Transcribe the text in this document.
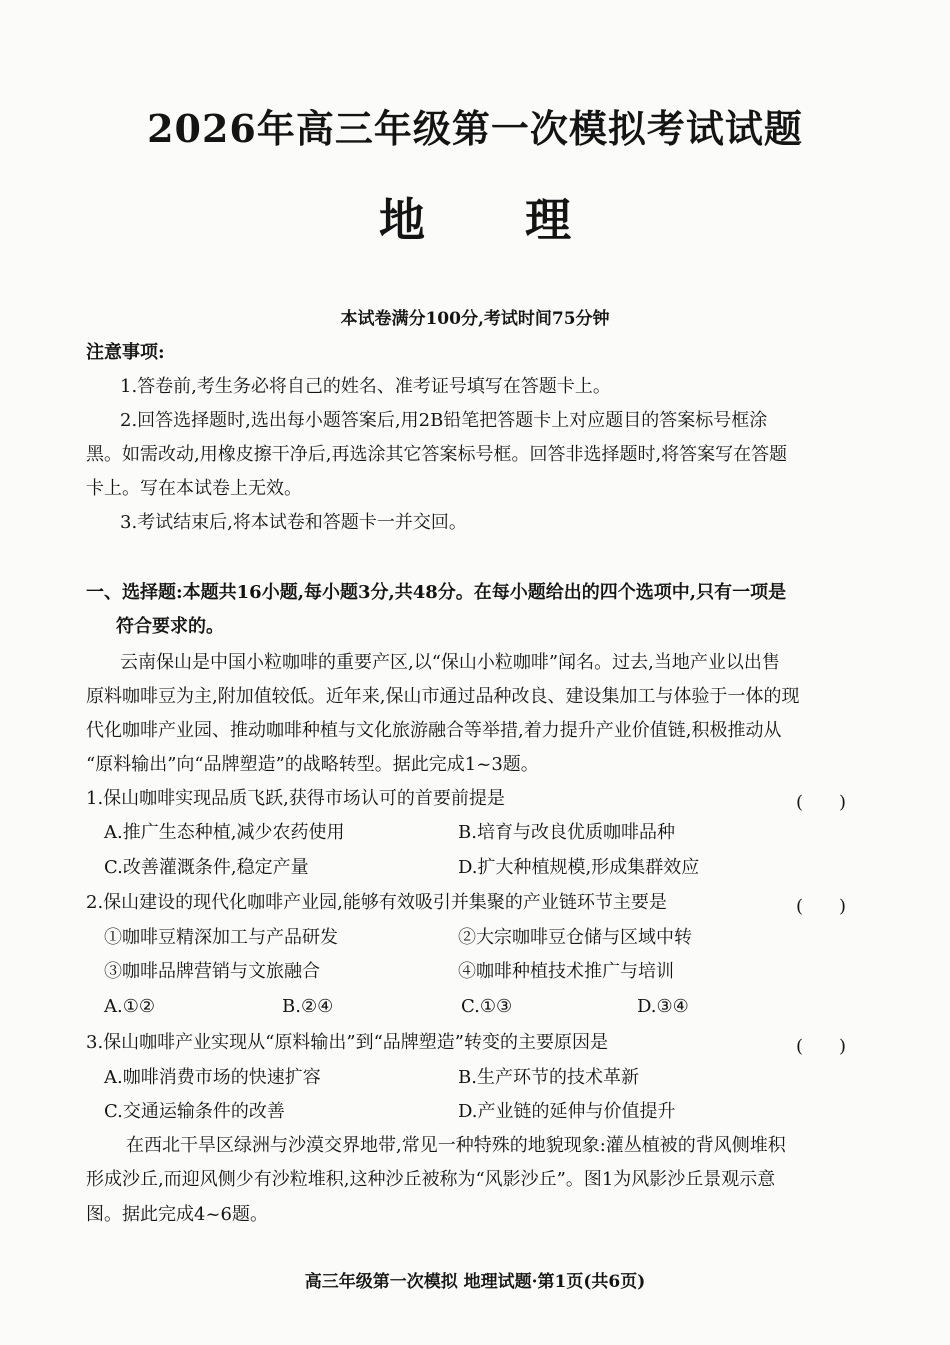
2026年高三年级第一次模拟考试试题
地 理
本试卷满分100分,考试时间75分钟
注意事项:
1.答卷前,考生务必将自己的姓名、准考证号填写在答题卡上。
2.回答选择题时,选出每小题答案后,用2B铅笔把答题卡上对应题目的答案标号框涂
黑。如需改动,用橡皮擦干净后,再选涂其它答案标号框。回答非选择题时,将答案写在答题
卡上。写在本试卷上无效。
3.考试结束后,将本试卷和答题卡一并交回。
一、选择题:本题共16小题,每小题3分,共48分。在每小题给出的四个选项中,只有一项是
符合要求的。
云南保山是中国小粒咖啡的重要产区,以“保山小粒咖啡”闻名。过去,当地产业以出售
原料咖啡豆为主,附加值较低。近年来,保山市通过品种改良、建设集加工与体验于一体的现
代化咖啡产业园、推动咖啡种植与文化旅游融合等举措,着力提升产业价值链,积极推动从
“原料输出”向“品牌塑造”的战略转型。据此完成1~3题。
1.保山咖啡实现品质飞跃,获得市场认可的首要前提是	(　　)
A.推广生态种植,减少农药使用	B.培育与改良优质咖啡品种
C.改善灌溉条件,稳定产量	D.扩大种植规模,形成集群效应
2.保山建设的现代化咖啡产业园,能够有效吸引并集聚的产业链环节主要是	(　　)
①咖啡豆精深加工与产品研发	②大宗咖啡豆仓储与区域中转
③咖啡品牌营销与文旅融合	④咖啡种植技术推广与培训
A.①②	B.②④	C.①③	D.③④
3.保山咖啡产业实现从“原料输出”到“品牌塑造”转变的主要原因是	(　　)
A.咖啡消费市场的快速扩容	B.生产环节的技术革新
C.交通运输条件的改善	D.产业链的延伸与价值提升
在西北干旱区绿洲与沙漠交界地带,常见一种特殊的地貌现象:灌丛植被的背风侧堆积
形成沙丘,而迎风侧少有沙粒堆积,这种沙丘被称为“风影沙丘”。图1为风影沙丘景观示意
图。据此完成4~6题。
高三年级第一次模拟 地理试题·第1页(共6页)
